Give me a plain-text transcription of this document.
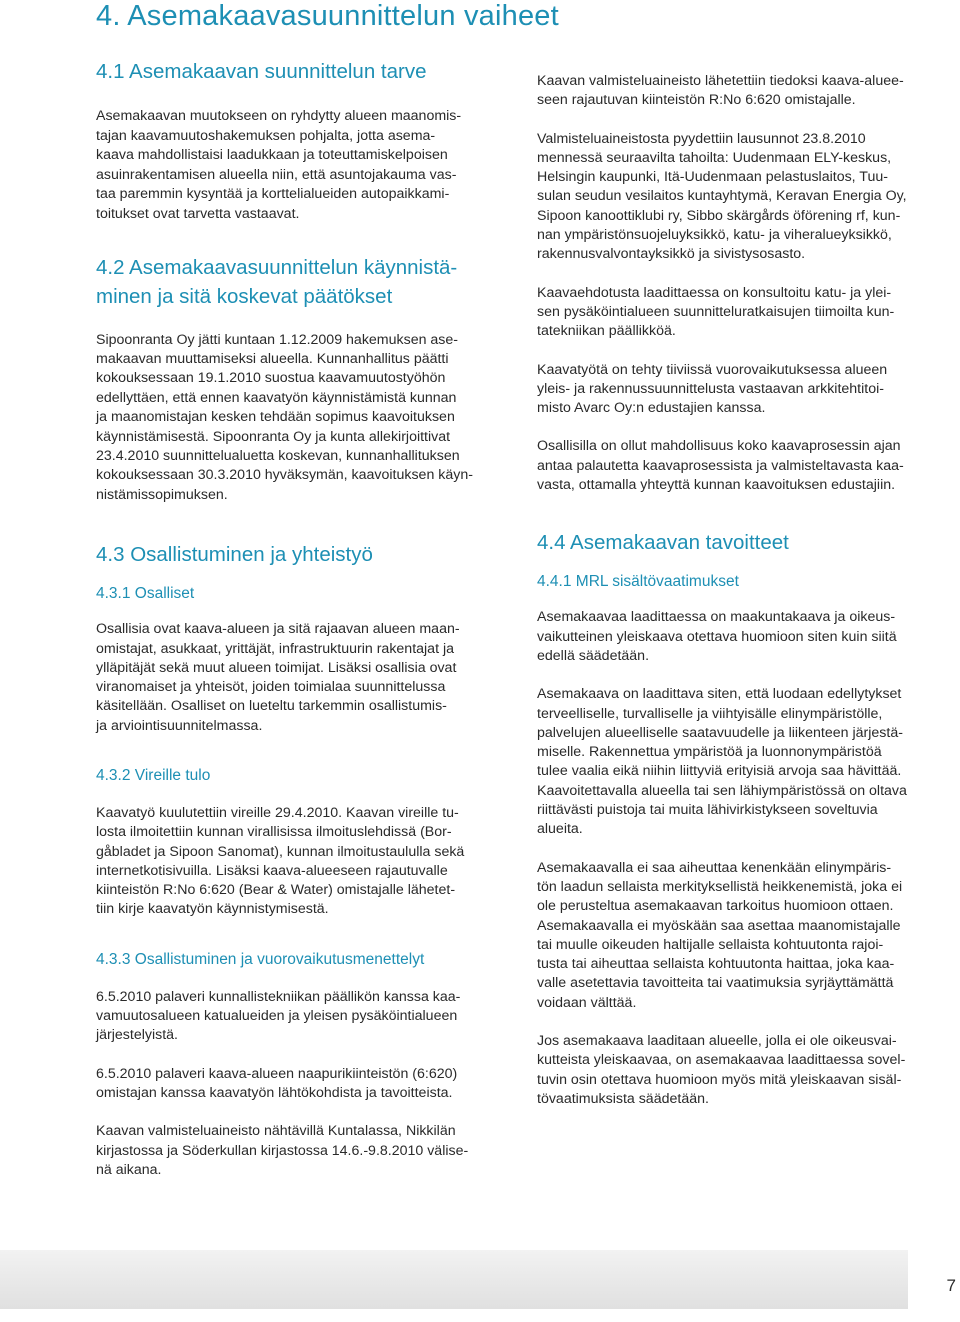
4. Asemakaavasuunnittelun vaiheet
4.1 Asemakaavan suunnittelun tarve

Asemakaavan muutokseen on ryhdytty alueen maanomis-
tajan kaavamuutoshakemuksen pohjalta, jotta asema-
kaava mahdollistaisi laadukkaan ja toteuttamiskelpoisen
asuinrakentamisen alueella niin, että asuntojakauma vas-
taa paremmin kysyntää ja korttelialueiden autopaikkami-
toitukset ovat tarvetta vastaavat.

4.2 Asemakaavasuunnittelun käynnistä-
minen ja sitä koskevat päätökset

Sipoonranta Oy jätti kuntaan 1.12.2009 hakemuksen ase-
makaavan muuttamiseksi alueella. Kunnanhallitus päätti
kokouksessaan 19.1.2010 suostua kaavamuutostyöhön
edellyttäen, että ennen kaavatyön käynnistämistä kunnan
ja maanomistajan kesken tehdään sopimus kaavoituksen
käynnistämisestä. Sipoonranta Oy ja kunta allekirjoittivat
23.4.2010 suunnittelualuetta koskevan, kunnanhallituksen
kokouksessaan 30.3.2010 hyväksymän, kaavoituksen käyn-
nistämissopimuksen.

4.3 Osallistuminen ja yhteistyö
4.3.1 Osalliset

Osallisia ovat kaava-alueen ja sitä rajaavan alueen maan-
omistajat, asukkaat, yrittäjät, infrastruktuurin rakentajat ja
ylläpitäjät sekä muut alueen toimijat. Lisäksi osallisia ovat
viranomaiset ja yhteisöt, joiden toimialaa suunnittelussa
käsitellään. Osalliset on lueteltu tarkemmin osallistumis-
ja arviointisuunnitelmassa.

4.3.2 Vireille tulo

Kaavatyö kuulutettiin vireille 29.4.2010. Kaavan vireille tu-
losta ilmoitettiin kunnan virallisissa ilmoituslehdissä (Bor-
gåbladet ja Sipoon Sanomat), kunnan ilmoitustaululla sekä
internetkotisivuilla. Lisäksi kaava-alueeseen rajautuvalle
kiinteistön R:No 6:620 (Bear & Water) omistajalle lähetet-
tiin kirje kaavatyön käynnistymisestä.

4.3.3 Osallistuminen ja vuorovaikutusmenettelyt

6.5.2010 palaveri kunnallistekniikan päällikön kanssa kaa-
vamuutosalueen katualueiden ja yleisen pysäköintialueen
järjestelyistä.

6.5.2010 palaveri kaava-alueen naapurikiinteistön (6:620)
omistajan kanssa kaavatyön lähtökohdista ja tavoitteista.

Kaavan valmisteluaineisto nähtävillä Kuntalassa, Nikkilän
kirjastossa ja Söderkullan kirjastossa 14.6.-9.8.2010 välise-
nä aikana.

Kaavan valmisteluaineisto lähetettiin tiedoksi kaava-aluee-
seen rajautuvan kiinteistön R:No 6:620 omistajalle.

Valmisteluaineistosta pyydettiin lausunnot 23.8.2010
mennessä seuraavilta tahoilta: Uudenmaan ELY-keskus,
Helsingin kaupunki, Itä-Uudenmaan pelastuslaitos, Tuu-
sulan seudun vesilaitos kuntayhtymä, Keravan Energia Oy,
Sipoon kanoottiklubi ry, Sibbo skärgårds öförening rf, kun-
nan ympäristönsuojeluyksikkö, katu- ja viheralueyksikkö,
rakennusvalvontayksikkö ja sivistysosasto.

Kaavaehdotusta laadittaessa on konsultoitu katu- ja ylei-
sen pysäköintialueen suunnitteluratkaisujen tiimoilta kun-
tatekniikan päällikköä.

Kaavatyötä on tehty tiiviissä vuorovaikutuksessa alueen
yleis- ja rakennussuunnittelusta vastaavan arkkitehtitoi-
misto Avarc Oy:n edustajien kanssa.

Osallisilla on ollut mahdollisuus koko kaavaprosessin ajan
antaa palautetta kaavaprosessista ja valmisteltavasta kaa-
vasta, ottamalla yhteyttä kunnan kaavoituksen edustajiin.

4.4 Asemakaavan tavoitteet
4.4.1 MRL sisältövaatimukset

Asemakaavaa laadittaessa on maakuntakaava ja oikeus-
vaikutteinen yleiskaava otettava huomioon siten kuin siitä
edellä säädetään.

Asemakaava on laadittava siten, että luodaan edellytykset
terveelliselle, turvalliselle ja viihtyisälle elinympäristölle,
palvelujen alueelliselle saatavuudelle ja liikenteen järjestä-
miselle. Rakennettua ympäristöä ja luonnonympäristöä
tulee vaalia eikä niihin liittyviä erityisiä arvoja saa hävittää.
Kaavoitettavalla alueella tai sen lähiympäristössä on oltava
riittävästi puistoja tai muita lähivirkistykseen soveltuvia
alueita.

Asemakaavalla ei saa aiheuttaa kenenkään elinympäris-
tön laadun sellaista merkityksellistä heikkenemistä, joka ei
ole perusteltua asemakaavan tarkoitus huomioon ottaen.
Asemakaavalla ei myöskään saa asettaa maanomistajalle
tai muulle oikeuden haltijalle sellaista kohtuutonta rajoi-
tusta tai aiheuttaa sellaista kohtuutonta haittaa, joka kaa-
valle asetettavia tavoitteita tai vaatimuksia syrjäyttämättä
voidaan välttää.

Jos asemakaava laaditaan alueelle, jolla ei ole oikeusvai-
kutteista yleiskaavaa, on asemakaavaa laadittaessa sovel-
tuvin osin otettava huomioon myös mitä yleiskaavan sisäl-
tövaatimuksista säädetään.

7
